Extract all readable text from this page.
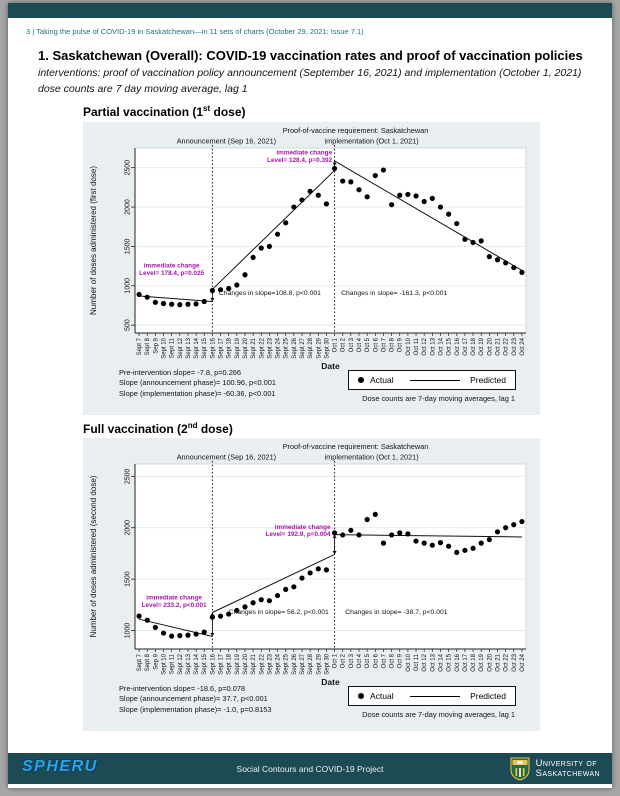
3 | Taking the pulse of COVID-19 in Saskatchewan—in 11 sets of charts (October 29, 2021: Issue 7.1)
1. Saskatchewan (Overall): COVID-19 vaccination rates and proof of vaccination policies
interventions: proof of vaccination policy announcement (September 16, 2021) and implementation (October 1, 2021) dose counts are 7 day moving average, lag 1
Partial vaccination (1st dose)
500
1000
1500
2000
2500
Sept 7 Sept 8 Sep 9 Sept 10 Sept 11 Sept 12 Sept 13 Sept 14 Sept 15 Sept 16 Sept 17 Sept 18 Sept 19 Sept 20 Sept 21 Sept 22 Sept 23 Sept 24 Sept 25 Sept 26 Sept 27 Sept 28 Sept 29 Sept 30 Oct 1 Oct 2 Oct 3 Oct 4 Oct 5 Oct 6 Oct 7 Oct 8 Oct 9 Oct 10 Oct 11 Oct 12 Oct 13 Oct 14 Oct 15 Oct 16 Oct 17 Oct 18 Oct 19 Oct 20 Oct 21 Oct 22 Oct 23 Oct 24
immediate change
Level= 178.4, p=0.025
immediate change
Level= 128.4, p=0.392
Changes in slope=108.8, p<0.001	Changes in slope= -161.3, p<0.001
Proof-of-vaccine requirement: Saskatchewan
Announcement (Sep 16, 2021)	implementation (Oct 1, 2021)
Date
Number of doses administered (first dose)
Pre-intervention slope= -7.8, p=0.266
Slope (announcement phase)= 100.96, p<0.001
Slope (implementation phase)= -60.36, p<0.001
Actual	Predicted
Dose counts are 7-day moving averages, lag 1
Full vaccination (2nd dose)
1000
1500
2000
2500
Sept 7 Sept 8 Sep 9 Sept 10 Sept 11 Sept 12 Sept 13 Sept 14 Sept 15 Sept 16 Sept 17 Sept 18 Sept 19 Sept 20 Sept 21 Sept 22 Sept 23 Sept 24 Sept 25 Sept 26 Sept 27 Sept 28 Sept 29 Sept 30 Oct 1 Oct 2 Oct 3 Oct 4 Oct 5 Oct 6 Oct 7 Oct 8 Oct 9 Oct 10 Oct 11 Oct 12 Oct 13 Oct 14 Oct 15 Oct 16 Oct 17 Oct 18 Oct 19 Oct 20 Oct 21 Oct 22 Oct 23 Oct 24
immediate change
Level= 233.2, p<0.001
immediate change
Level= 192.9, p=0.004
Changes in slope= 56.2, p<0.001 Changes in slope= -38.7, p<0.001
Proof-of-vaccine requirement: Saskatchewan
Announcement (Sep 16, 2021)	implementation (Oct 1, 2021)
Date
Number of doses administered (second dose)
Pre-intervention slope= -18.6, p=0.078
Slope (announcement phase)= 37.7, p<0.001
Slope (implementation phase)= -1.0, p=0.8153
Actual	Predicted
Dose counts are 7-day moving averages, lag 1
SPHERU	Social Contours and COVID-19 Project
University of
Saskatchewan
